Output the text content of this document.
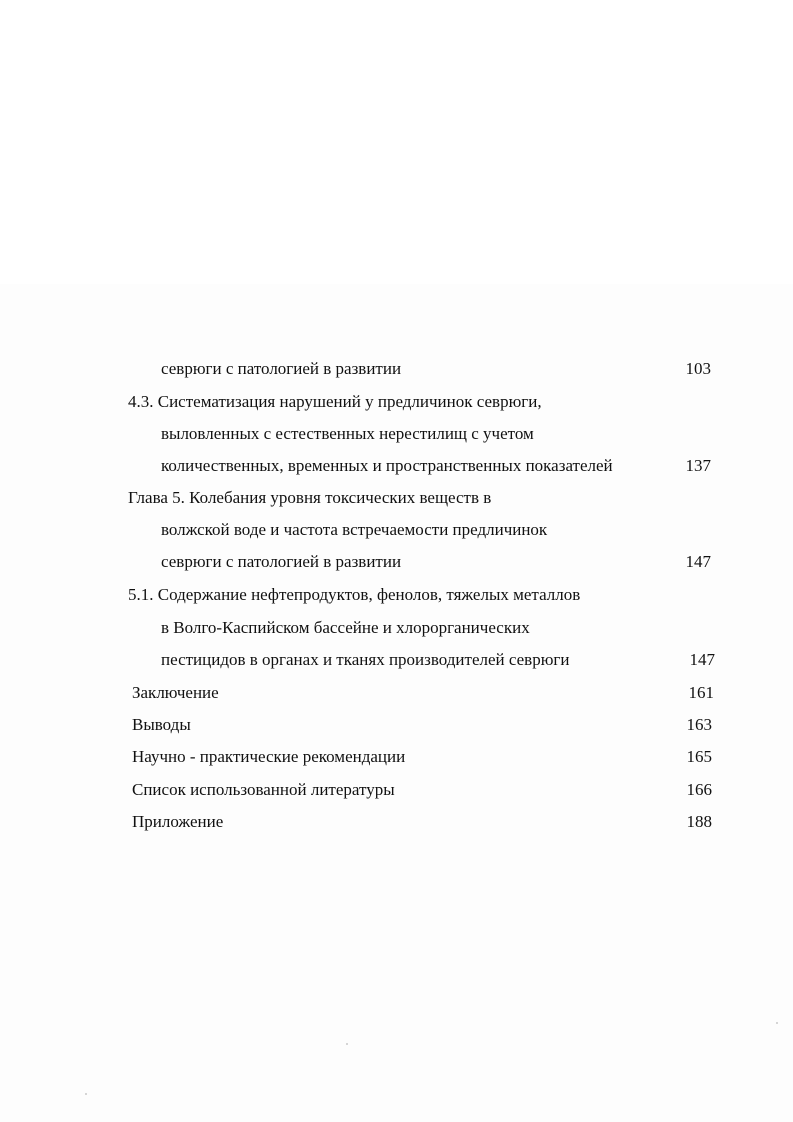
севрюги с патологией в развитии	103
4.3. Систематизация нарушений у предличинок севрюги,
выловленных с естественных нерестилищ с учетом
количественных, временных и пространственных показателей	137
Глава 5. Колебания уровня токсических веществ в
волжской воде и частота встречаемости предличинок
севрюги с патологией в развитии	147
5.1. Содержание нефтепродуктов, фенолов, тяжелых металлов
в Волго-Каспийском бассейне и хлорорганических
пестицидов в органах и тканях производителей севрюги	147
Заключение	161
Выводы	163
Научно - практические рекомендации	165
Список использованной литературы	166
Приложение	188
